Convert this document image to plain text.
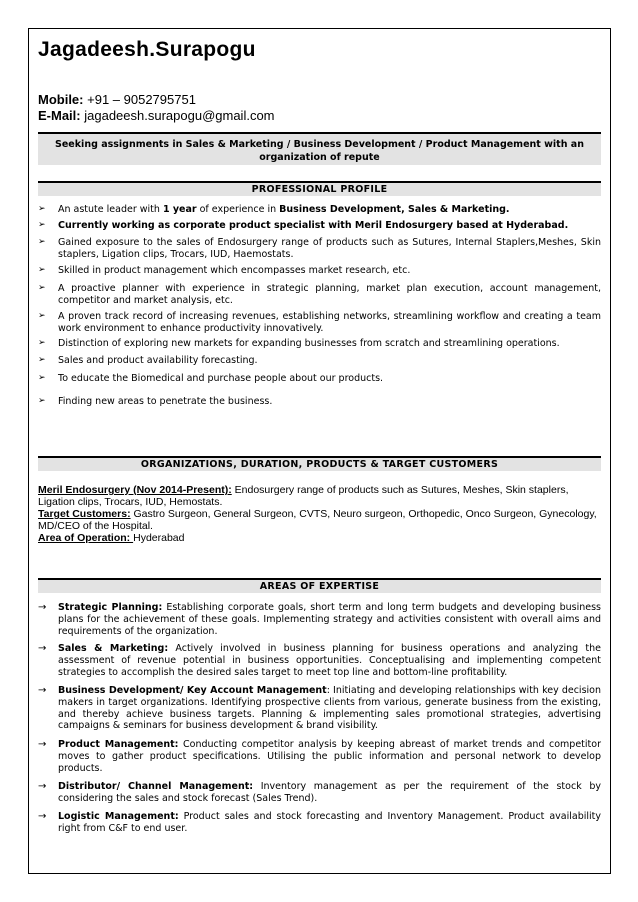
Jagadeesh.Surapogu
Mobile: +91 – 9052795751
E-Mail: jagadeesh.surapogu@gmail.com
Seeking assignments in Sales & Marketing / Business Development / Product Management with an organization of repute
PROFESSIONAL PROFILE
➢	An astute leader with 1 year of experience in Business Development, Sales & Marketing.
➢	Currently working as corporate product specialist with Meril Endosurgery based at Hyderabad.
➢	Gained exposure to the sales of Endosurgery range of products such as Sutures, Internal Staplers,Meshes, Skin staplers, Ligation clips, Trocars, IUD, Haemostats.
➢	Skilled in product management which encompasses market research, etc.
➢	A proactive planner with experience in strategic planning, market plan execution, account management, competitor and market analysis, etc.
➢	A proven track record of increasing revenues, establishing networks, streamlining workflow and creating a team work environment to enhance productivity innovatively.
➢	Distinction of exploring new markets for expanding businesses from scratch and streamlining operations.
➢	Sales and product availability forecasting.
➢	To educate the Biomedical and purchase people about our products.
➢	Finding new areas to penetrate the business.
ORGANIZATIONS, DURATION, PRODUCTS & TARGET CUSTOMERS
Meril Endosurgery (Nov 2014-Present): Endosurgery range of products such as Sutures, Meshes, Skin staplers, Ligation clips, Trocars, IUD, Hemostats.
Target Customers: Gastro Surgeon, General Surgeon, CVTS, Neuro surgeon, Orthopedic, Onco Surgeon, Gynecology, MD/CEO of the Hospital.
Area of Operation: Hyderabad
AREAS OF EXPERTISE
→	Strategic Planning: Establishing corporate goals, short term and long term budgets and developing business plans for the achievement of these goals. Implementing strategy and activities consistent with overall aims and requirements of the organization.
→	Sales & Marketing: Actively involved in business planning for business operations and analyzing the assessment of revenue potential in business opportunities. Conceptualising and implementing competent strategies to accomplish the desired sales target to meet top line and bottom-line profitability.
→	Business Development/ Key Account Management: Initiating and developing relationships with key decision makers in target organizations. Identifying prospective clients from various, generate business from the existing, and thereby achieve business targets. Planning & implementing sales promotional strategies, advertising campaigns & seminars for business development & brand visibility.
→	Product Management: Conducting competitor analysis by keeping abreast of market trends and competitor moves to gather product specifications. Utilising the public information and personal network to develop products.
→	Distributor/ Channel Management: Inventory management as per the requirement of the stock by considering the sales and stock forecast (Sales Trend).
→	Logistic Management: Product sales and stock forecasting and Inventory Management. Product availability right from C&F to end user.
